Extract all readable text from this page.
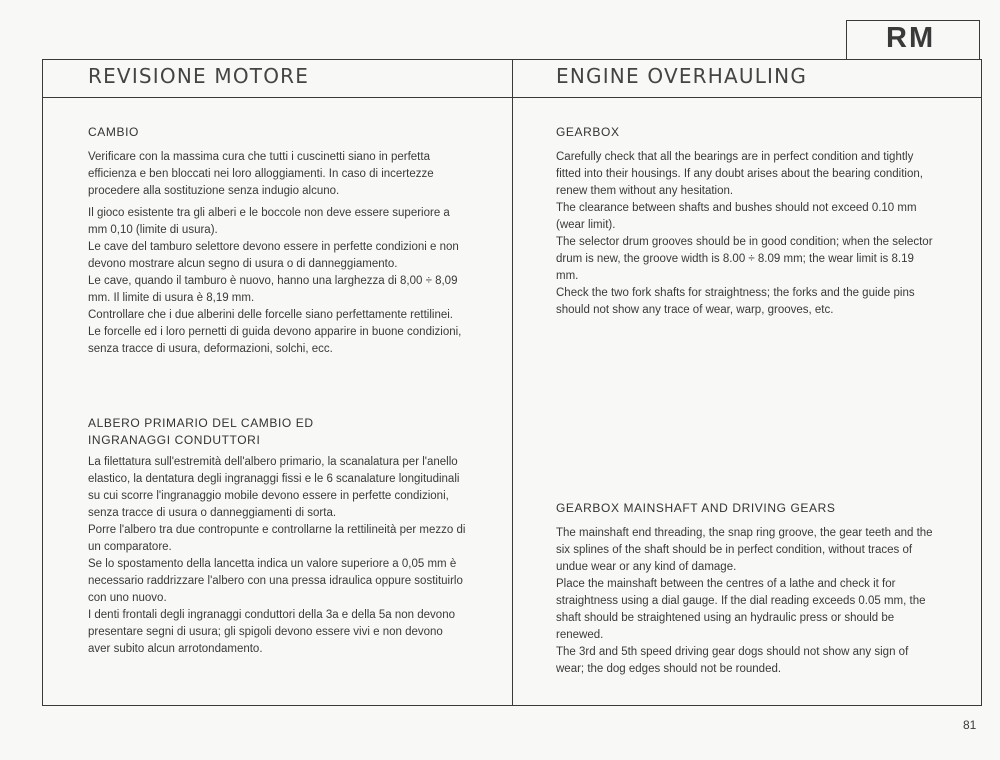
RM
REVISIONE MOTORE	ENGINE OVERHAULING
CAMBIO

Verificare con la massima cura che tutti i cuscinetti siano in perfetta efficienza e ben bloccati nei loro alloggiamenti. In caso di incertezze procedere alla sostituzione senza indugio alcuno.

Il gioco esistente tra gli alberi e le boccole non deve essere superiore a mm 0,10 (limite di usura).

Le cave del tamburo selettore devono essere in perfette condizioni e non devono mostrare alcun segno di usura o di danneggiamento.

Le cave, quando il tamburo è nuovo, hanno una larghezza di 8,00 ÷ 8,09 mm. Il limite di usura è 8,19 mm.

Controllare che i due alberini delle forcelle siano perfettamente rettilinei. Le forcelle ed i loro pernetti di guida devono apparire in buone condizioni, senza tracce di usura, deformazioni, solchi, ecc.

ALBERO PRIMARIO DEL CAMBIO ED
INGRANAGGI CONDUTTORI

La filettatura sull'estremità dell'albero primario, la scanalatura per l'anello elastico, la dentatura degli ingranaggi fissi e le 6 scanalature longitudinali su cui scorre l'ingranaggio mobile devono essere in perfette condizioni, senza tracce di usura o danneggiamenti di sorta.

Porre l'albero tra due contropunte e controllarne la rettilineità per mezzo di un comparatore.

Se lo spostamento della lancetta indica un valore superiore a 0,05 mm è necessario raddrizzare l'albero con una pressa idraulica oppure sostituirlo con uno nuovo.

I denti frontali degli ingranaggi conduttori della 3a e della 5a non devono presentare segni di usura; gli spigoli devono essere vivi e non devono aver subito alcun arrotondamento.

GEARBOX

Carefully check that all the bearings are in perfect condition and tightly fitted into their housings. If any doubt arises about the bearing condition, renew them without any hesitation.

The clearance between shafts and bushes should not exceed 0.10 mm (wear limit).

The selector drum grooves should be in good condition; when the selector drum is new, the groove width is 8.00 ÷ 8.09 mm; the wear limit is 8.19 mm.

Check the two fork shafts for straightness; the forks and the guide pins should not show any trace of wear, warp, grooves, etc.

GEARBOX MAINSHAFT AND DRIVING GEARS

The mainshaft end threading, the snap ring groove, the gear teeth and the six splines of the shaft should be in perfect condition, without traces of undue wear or any kind of damage.

Place the mainshaft between the centres of a lathe and check it for straightness using a dial gauge. If the dial reading exceeds 0.05 mm, the shaft should be straightened using an hydraulic press or should be renewed.

The 3rd and 5th speed driving gear dogs should not show any sign of wear; the dog edges should not be rounded.

81
